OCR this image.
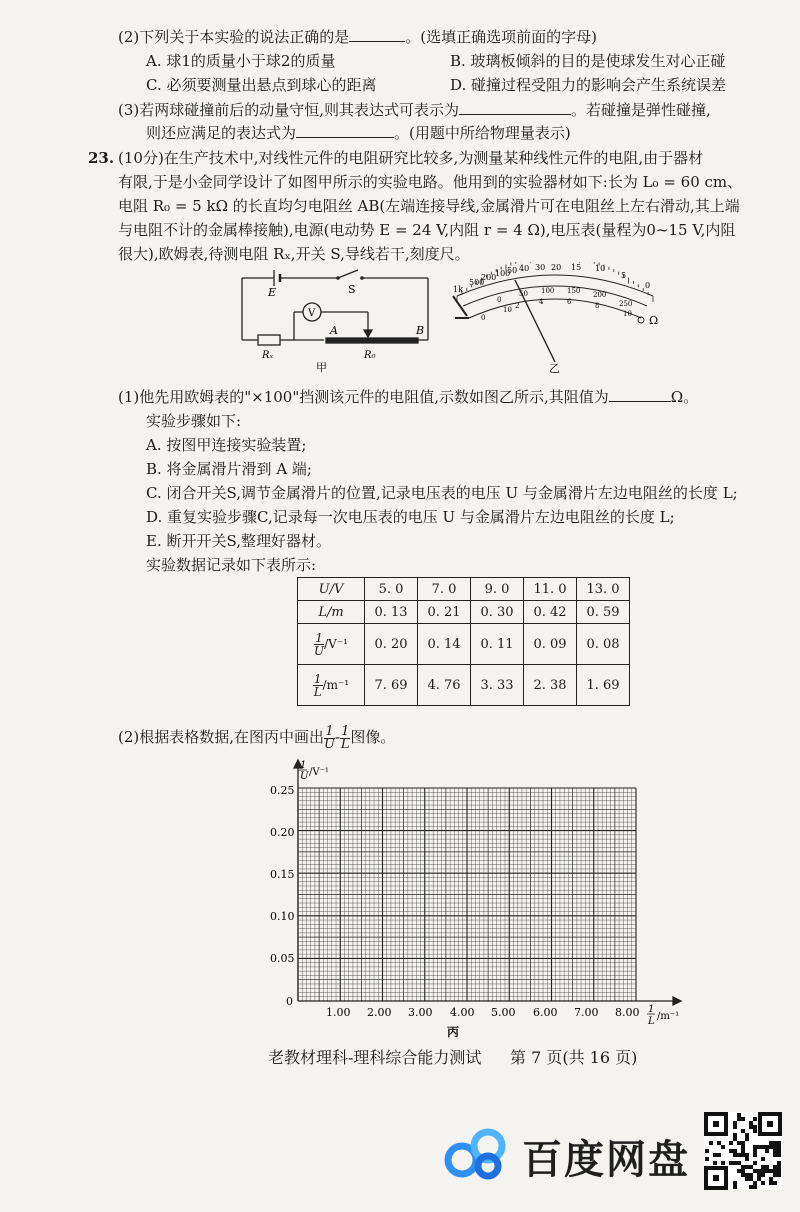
(2)下列关于本实验的说法正确的是	。(选填正确选项前面的字母)
A. 球1的质量小于球2的质量	B. 玻璃板倾斜的目的是使球发生对心正碰
C. 必须要测量出悬点到球心的距离	D. 碰撞过程受阻力的影响会产生系统误差
(3)若两球碰撞前后的动量守恒,则其表达式可表示为	。若碰撞是弹性碰撞,
则还应满足的表达式为	。(用题中所给物理量表示)
23. (10分)在生产技术中,对线性元件的电阻研究比较多,为测量某种线性元件的电阻,由于器材
有限,于是小金同学设计了如图甲所示的实验电路。他用到的实验器材如下:长为 L₀ = 60 cm、
电阻 R₀ = 5 kΩ 的长直均匀电阻丝 AB(左端连接导线,金属滑片可在电阻丝上左右滑动,其上端
与电阻不计的金属棒接触),电源(电动势 E = 24 V,内阻 r = 4 Ω),电压表(量程为0~15 V,内阻
很大),欧姆表,待测电阻 Rₓ,开关 S,导线若干,刻度尺。
E	S
V
A	B
Rₓ	R₀
甲
1k
500
200
100
50 40 30 20 15 10
5
0
0
50 100 150 200
250
0
10 2	4	6	8
10 Ω
乙
(1)他先用欧姆表的"×100"挡测该元件的电阻值,示数如图乙所示,其阻值为	Ω。
实验步骤如下:
A. 按图甲连接实验装置;
B. 将金属滑片滑到 A 端;
C. 闭合开关S,调节金属滑片的位置,记录电压表的电压 U 与金属滑片左边电阻丝的长度 L;
D. 重复实验步骤C,记录每一次电压表的电压 U 与金属滑片左边电阻丝的长度 L;
E. 断开开关S,整理好器材。
实验数据记录如下表所示:
U/V	5. 0	7. 0	9. 0	11. 0	13. 0
L/m	0. 13	0. 21	0. 30	0. 42	0. 59

$\frac{1}{U} /V^{-1}$	0. 20	0. 14	0. 11	0. 09	0. 08

$\frac{1}{L} /m^{-1}$	7. 69	4. 76	3. 33	2. 38	1. 69
(2)根据表格数据,在图丙中画出 $\frac{1}{U} - \frac{1}{L}$ 图像。
1
U /V⁻¹
1
L /m⁻¹
0.25
0.20
0.15
0.10
0.05
0
1.00 2.00 3.00 4.00 5.00 6.00 7.00 8.00
丙
老教材理科-理科综合能力测试 第 7 页(共 16 页)
百度网盘
